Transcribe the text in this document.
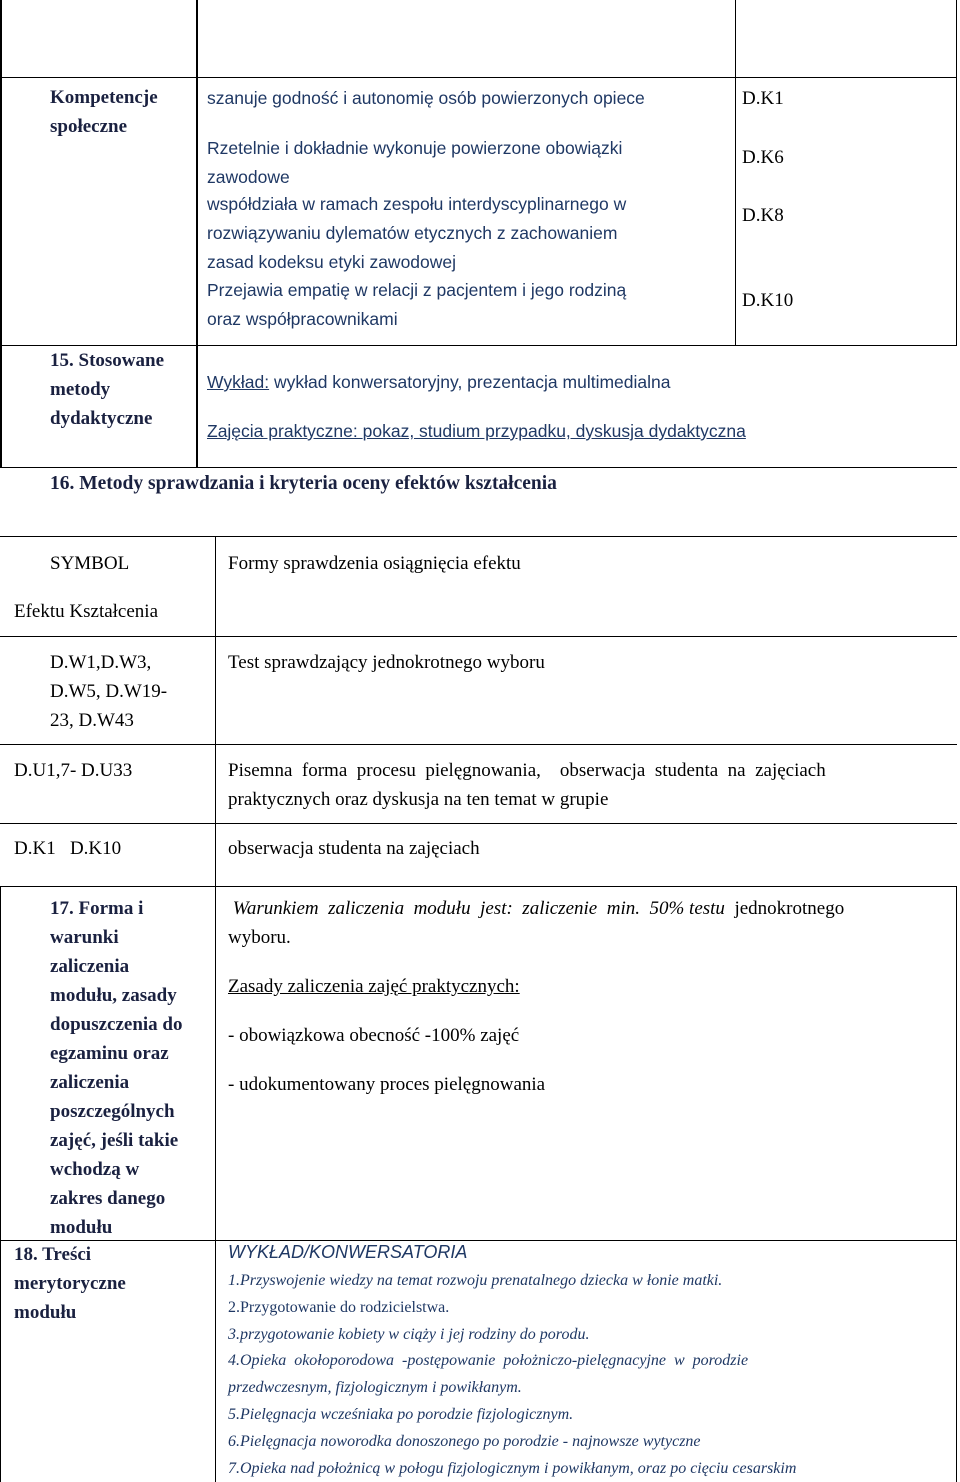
Kompetencje
społeczne
szanuje godność i autonomię osób powierzonych opiece
Rzetelnie i dokładnie wykonuje powierzone obowiązki
zawodowe
współdziała w ramach zespołu interdyscyplinarnego w
rozwiązywaniu dylematów etycznych z zachowaniem
zasad kodeksu etyki zawodowej
Przejawia empatię w relacji z pacjentem i jego rodziną
oraz współpracownikami
D.K1
D.K6
D.K8
D.K10
15. Stosowane
metody
dydaktyczne
Wykład: wykład konwersatoryjny, prezentacja multimedialna
Zajęcia praktyczne: pokaz, studium przypadku, dyskusja dydaktyczna
16. Metody sprawdzania i kryteria oceny efektów kształcenia
SYMBOL
Efektu Kształcenia
Formy sprawdzenia osiągnięcia efektu
D.W1,D.W3,
D.W5, D.W19-
23, D.W43
Test sprawdzający jednokrotnego wyboru
D.U1,7- D.U33	Pisemna  forma  procesu  pielęgnowania,    obserwacja  studenta  na  zajęciach
praktycznych oraz dyskusja na ten temat w grupie
D.K1   D.K10	obserwacja studenta na zajęciach
17. Forma i
warunki
zaliczenia
modułu, zasady
dopuszczenia do
egzaminu oraz
zaliczenia
poszczególnych
zajęć, jeśli takie
wchodzą w
zakres danego
modułu
Warunkiem  zaliczenia  modułu  jest:  zaliczenie  min.  50% testu  jednokrotnego
wyboru.
Zasady zaliczenia zajęć praktycznych:
- obowiązkowa obecność -100% zajęć
- udokumentowany proces pielęgnowania
18. Treści
merytoryczne
modułu
WYKŁAD/KONWERSATORIA
1.Przyswojenie wiedzy na temat rozwoju prenatalnego dziecka w łonie matki.
2.Przygotowanie do rodzicielstwa.
3.przygotowanie kobiety w ciąży i jej rodziny do porodu.
4.Opieka  okołoporodowa  -postępowanie  położniczo-pielęgnacyjne  w  porodzie
przedwczesnym, fizjologicznym i powikłanym.
5.Pielęgnacja wcześniaka po porodzie fizjologicznym.
6.Pielęgnacja noworodka donoszonego po porodzie - najnowsze wytyczne
7.Opieka nad położnicą w połogu fizjologicznym i powikłanym, oraz po cięciu cesarskim
